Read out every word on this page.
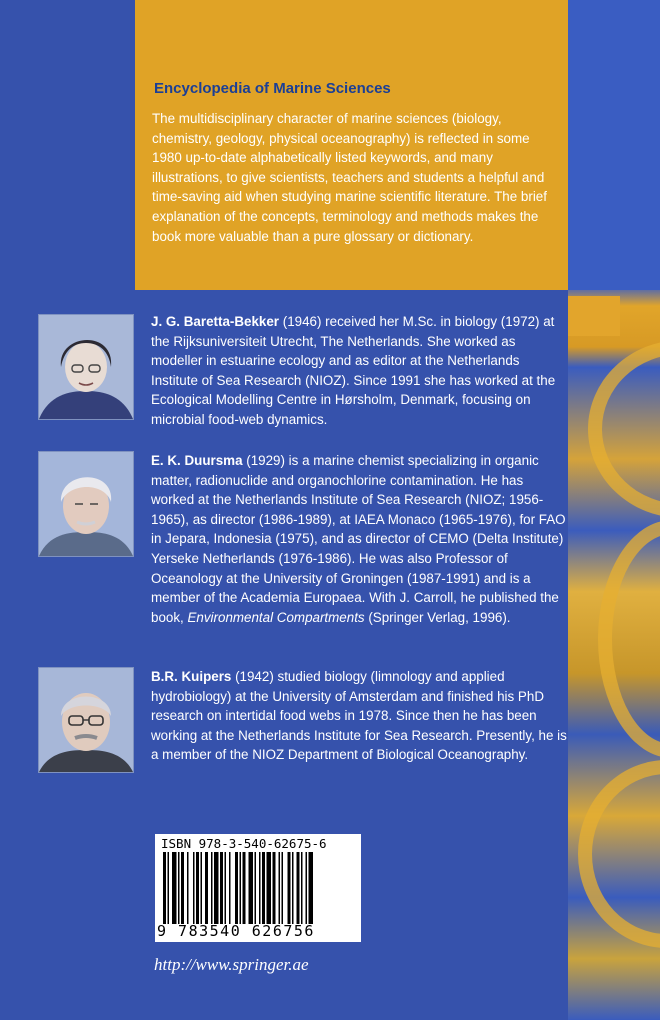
Encyclopedia of Marine Sciences
The multidisciplinary character of marine sciences (biology, chemistry, geology, physical oceanography) is reflected in some 1980 up-to-date alphabetically listed keywords, and many illustrations, to give scientists, teachers and students a helpful and time-saving aid when studying marine scientific literature. The brief explanation of the concepts, terminology and methods makes the book more valuable than a pure glossary or dictionary.
J. G. Baretta-Bekker (1946) received her M.Sc. in biology (1972) at the Rijksuniversiteit Utrecht, The Netherlands. She worked as modeller in estuarine ecology and as editor at the Netherlands Institute of Sea Research (NIOZ). Since 1991 she has worked at the Ecological Modelling Centre in Hørsholm, Denmark, focusing on microbial food-web dynamics.
E. K. Duursma (1929) is a marine chemist specializing in organic matter, radionuclide and organochlorine contamination. He has worked at the Netherlands Institute of Sea Research (NIOZ; 1956-1965), as director (1986-1989), at IAEA Monaco (1965-1976), for FAO in Jepara, Indonesia (1975), and as director of CEMO (Delta Institute) Yerseke Netherlands (1976-1986). He was also Professor of Oceanology at the University of Groningen (1987-1991) and is a member of the Academia Europaea. With J. Carroll, he published the book, Environmental Compartments (Springer Verlag, 1996).
B.R. Kuipers (1942) studied biology (limnology and applied hydrobiology) at the University of Amsterdam and finished his PhD research on intertidal food webs in 1978. Since then he has been working at the Netherlands Institute for Sea Research. Presently, he is a member of the NIOZ Department of Biological Oceanography.
ISBN 978-3-540-62675-6
9 783540 626756
http://www.springer.ae
